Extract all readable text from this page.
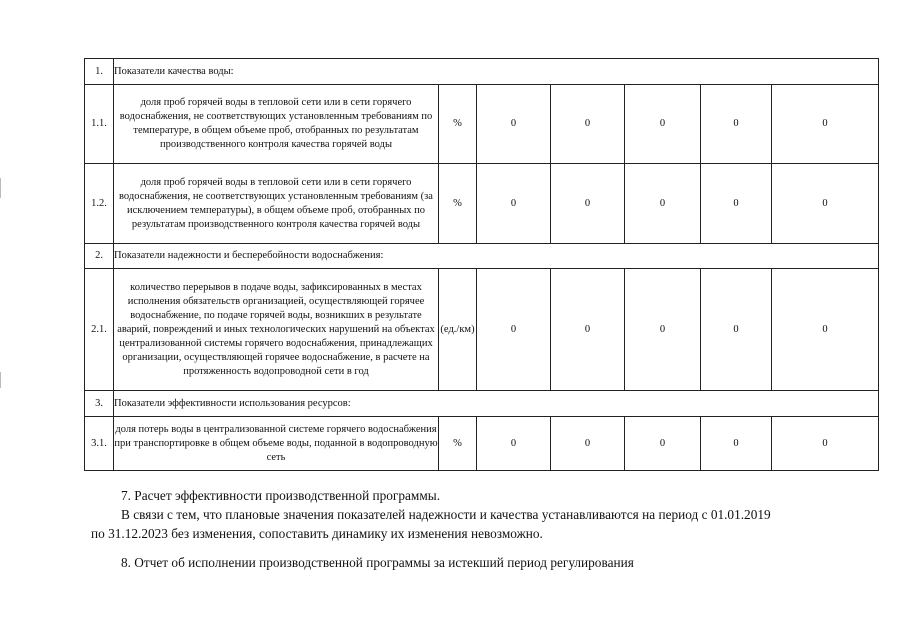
1.	Показатели качества воды:						
1.1.	доля проб горячей воды в тепловой сети или в сети горячего водоснабжения, не соответствующих установленным требованиям по температуре, в общем объеме проб, отобранных по результатам производственного контроля качества горячей воды	%	0	0	0	0	0
1.2.	доля проб горячей воды в тепловой сети или в сети горячего водоснабжения, не соответствующих установленным требованиям (за исключением температуры), в общем объеме проб, отобранных по результатам производственного контроля качества горячей воды	%	0	0	0	0	0
2.	Показатели надежности и бесперебойности водоснабжения:						
2.1.	количество перерывов в подаче воды, зафиксированных в местах исполнения обязательств организацией, осуществляющей горячее водоснабжение, по подаче горячей воды, возникших в результате аварий, повреждений и иных технологических нарушений на объектах централизованной системы горячего водоснабжения, принадлежащих организации, осуществляющей горячее водоснабжение, в расчете на протяженность водопроводной сети в год	(ед./км)	0	0	0	0	0
3.	Показатели эффективности использования ресурсов:						
3.1.	доля потерь воды в централизованной системе горячего водоснабжения при транспортировке в общем объеме воды, поданной в водопроводную сеть	%	0	0	0	0	0
7. Расчет эффективности производственной программы.
В связи с тем, что плановые значения показателей надежности и качества устанавливаются на период с 01.01.2019
по 31.12.2023 без изменения, сопоставить динамику их изменения невозможно.
8. Отчет об исполнении производственной программы за истекший период регулирования
